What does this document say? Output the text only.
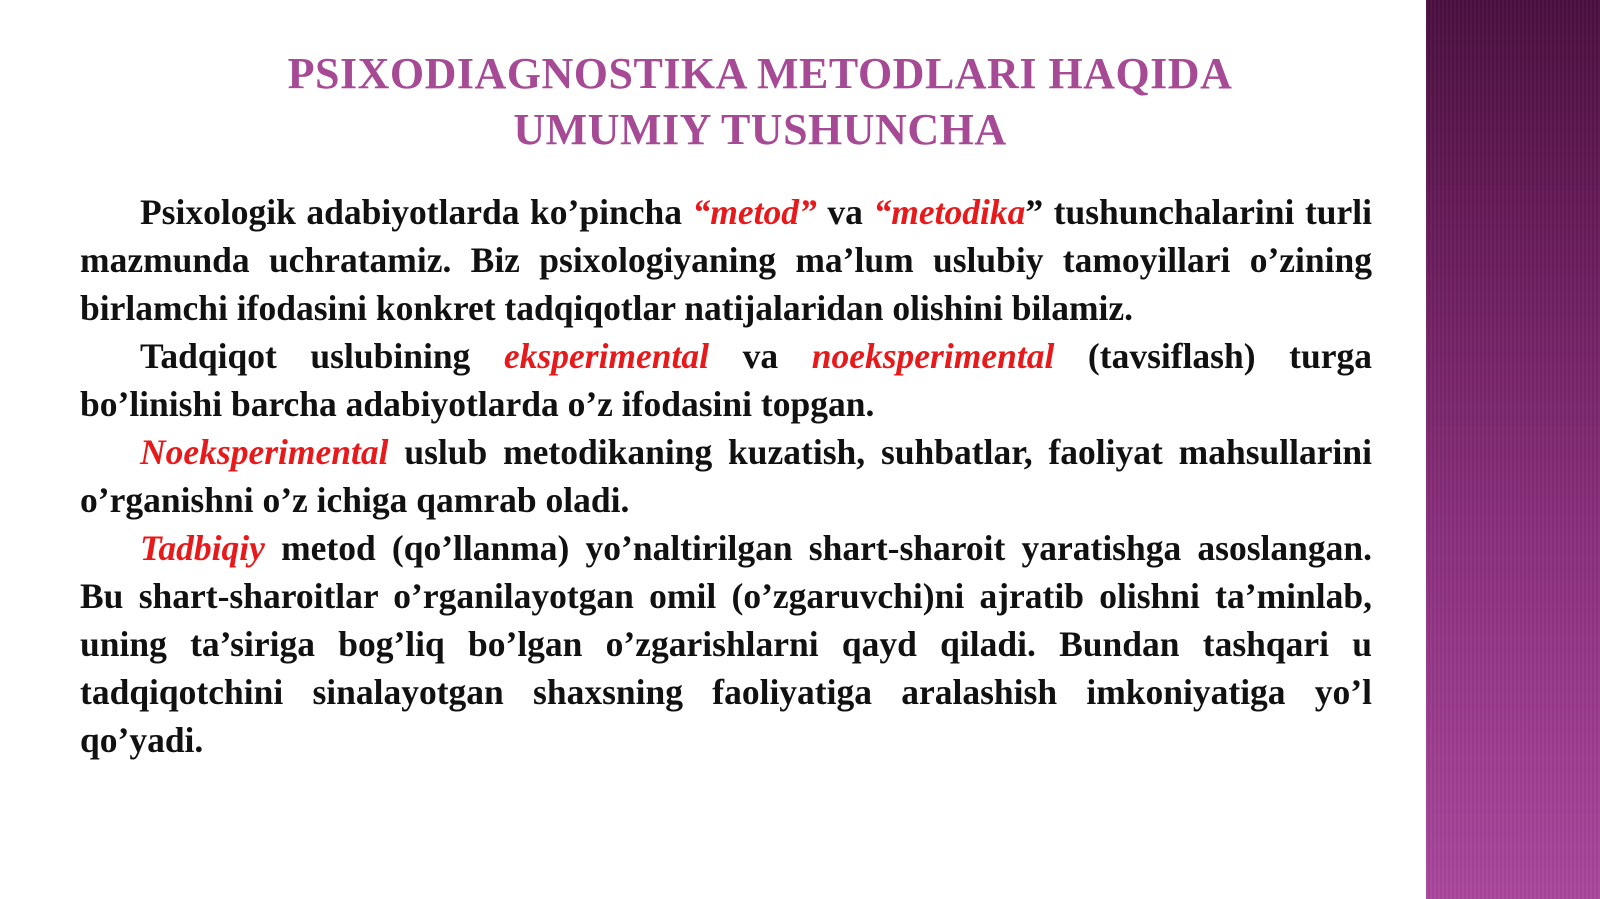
PSIXODIAGNOSTIKA METODLARI HAQIDA
UMUMIY TUSHUNCHA

Psixologik adabiyotlarda ko’pincha “metod” va “metodika” tushunchalarini turli mazmunda uchratamiz. Biz psixologiyaning ma’lum uslubiy tamoyillari o’zining birlamchi ifodasini konkret tadqiqotlar natijalaridan olishini bilamiz.

Tadqiqot uslubining eksperimental va noeksperimental (tavsiflash) turga bo’linishi barcha adabiyotlarda o’z ifodasini topgan.

Noeksperimental uslub metodikaning kuzatish, suhbatlar, faoliyat mahsullarini o’rganishni o’z ichiga qamrab oladi.

Tadbiqiy metod (qo’llanma) yo’naltirilgan shart-sharoit yaratishga asoslangan. Bu shart-sharoitlar o’rganilayotgan omil (o’zgaruvchi)ni ajratib olishni ta’minlab, uning ta’siriga bog’liq bo’lgan o’zgarishlarni qayd qiladi. Bundan tashqari u tadqiqotchini sinalayotgan shaxsning faoliyatiga aralashish imkoniyatiga yo’l qo’yadi.
